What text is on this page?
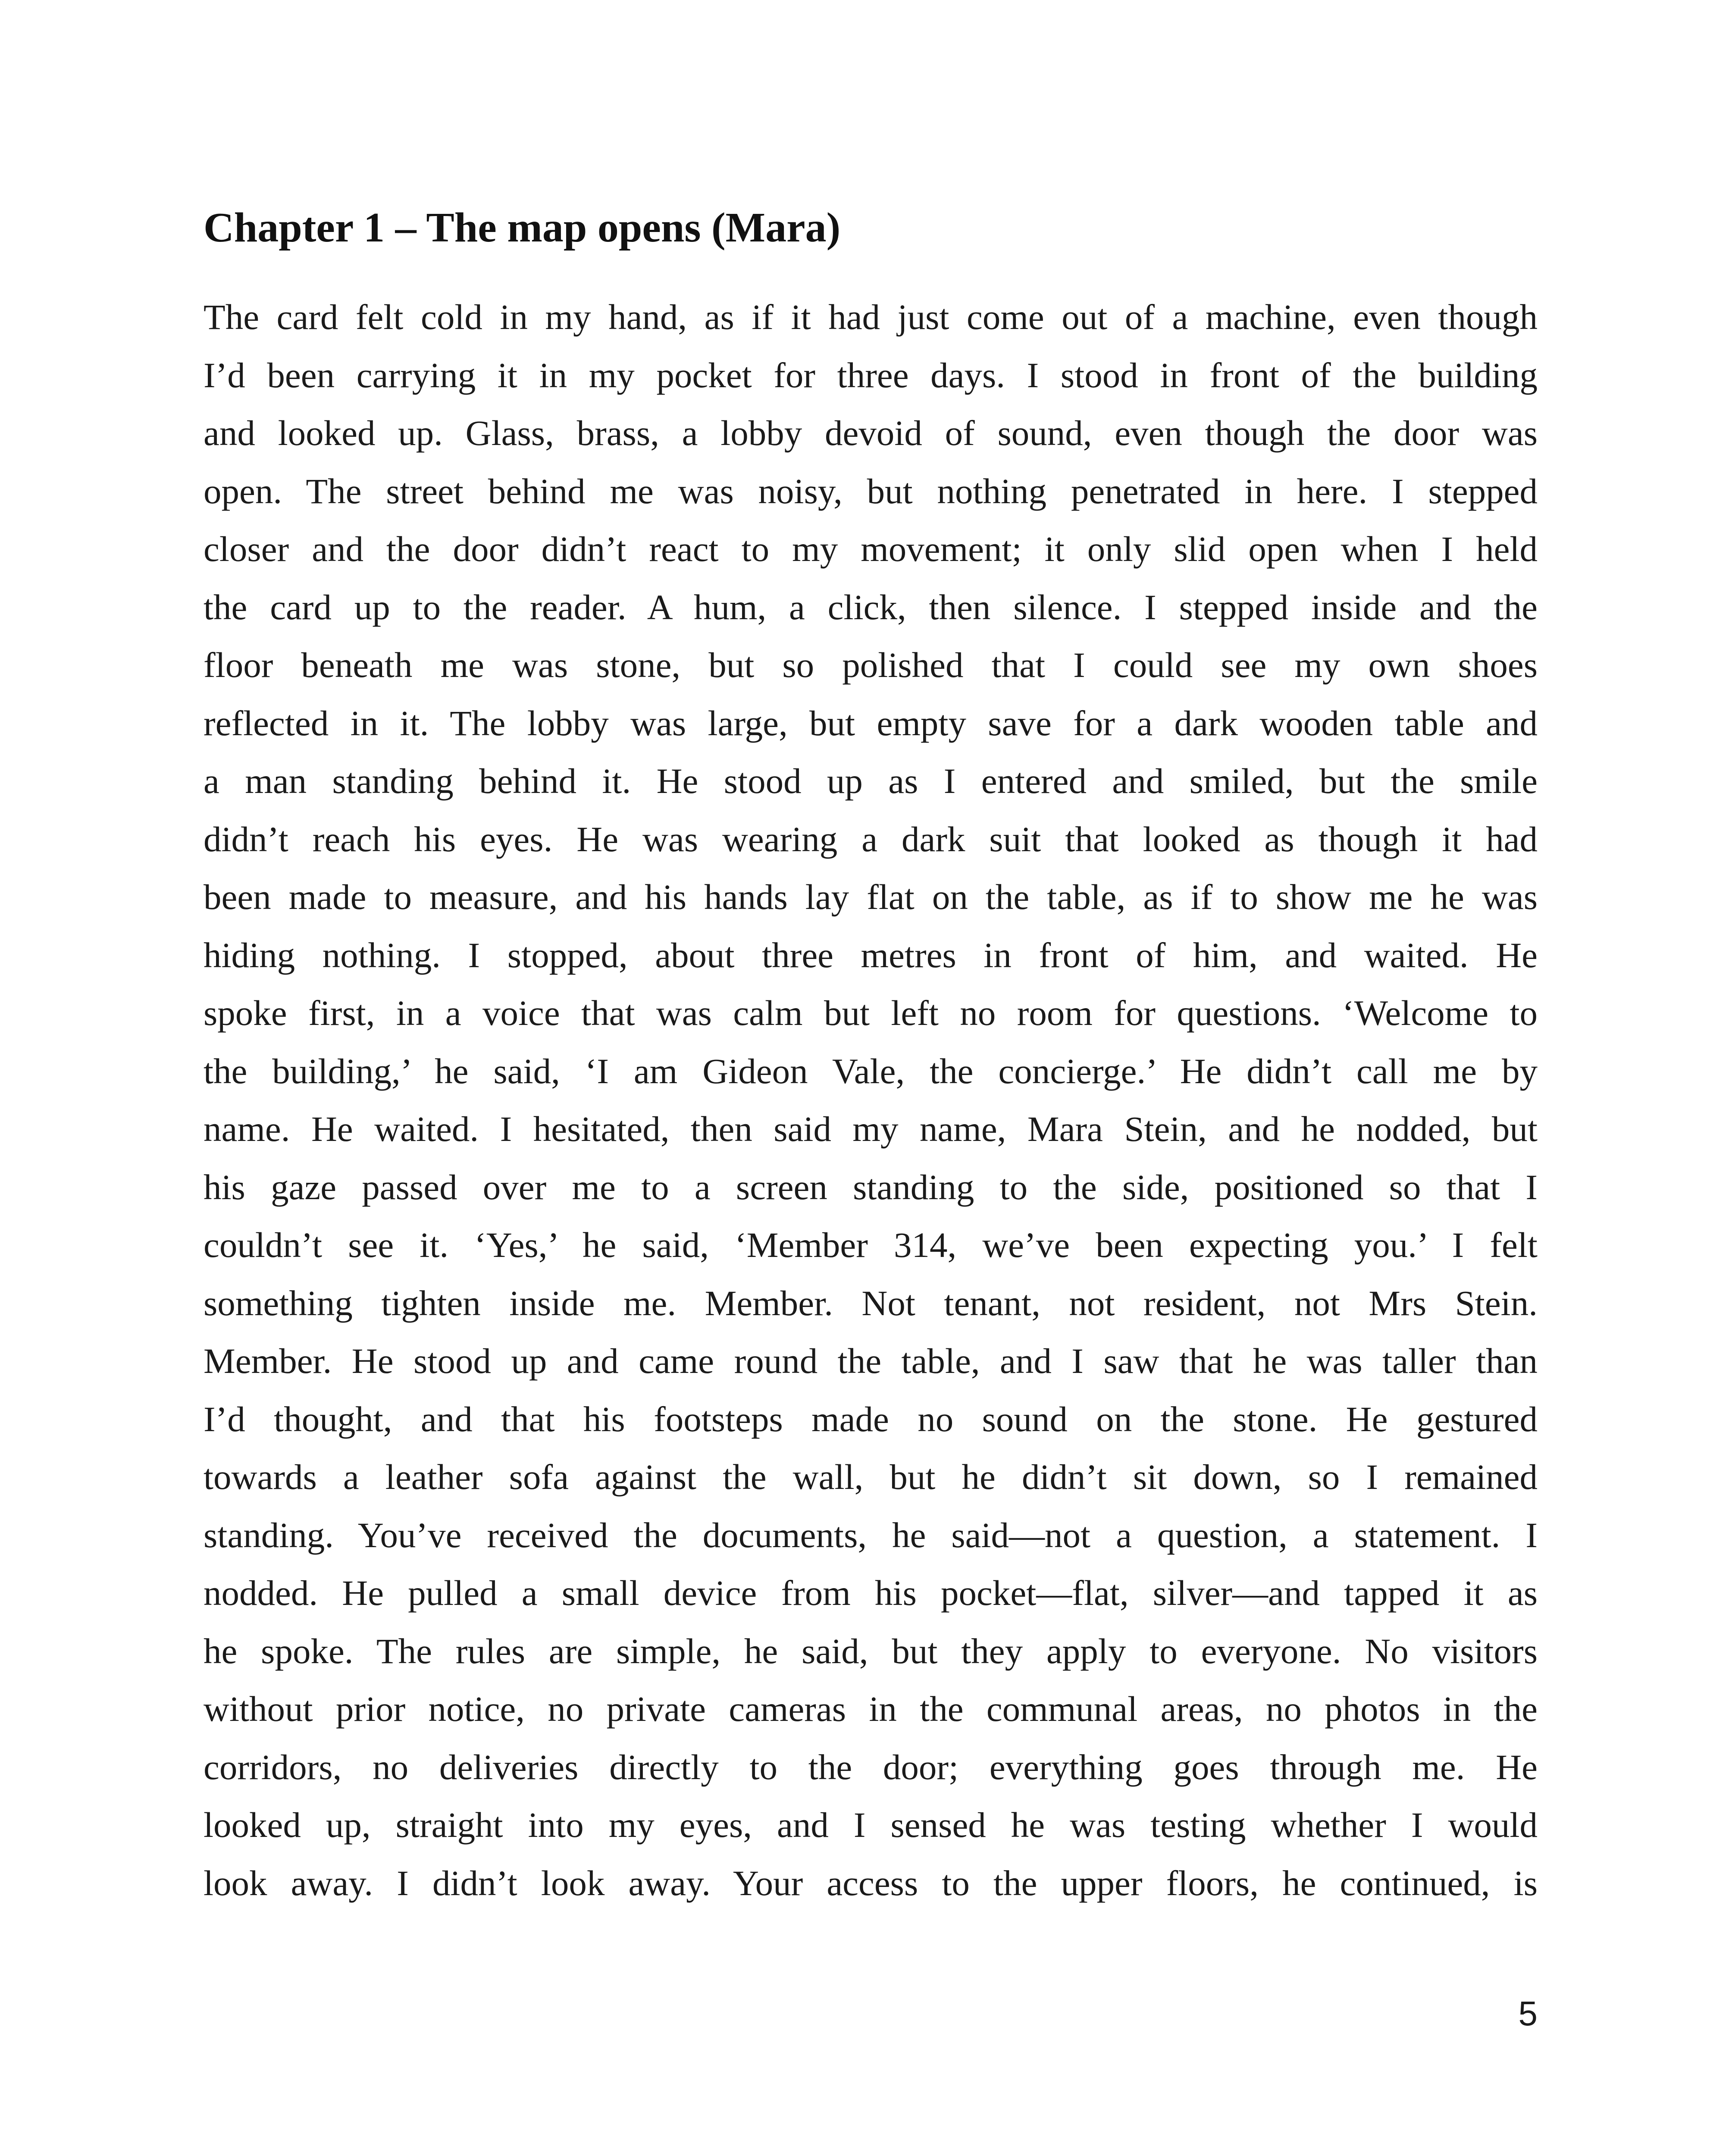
Chapter 1 – The map opens (Mara)
The card felt cold in my hand, as if it had just come out of a machine, even though
I’d been carrying it in my pocket for three days. I stood in front of the building
and looked up. Glass, brass, a lobby devoid of sound, even though the door was
open. The street behind me was noisy, but nothing penetrated in here. I stepped
closer and the door didn’t react to my movement; it only slid open when I held
the card up to the reader. A hum, a click, then silence. I stepped inside and the
floor beneath me was stone, but so polished that I could see my own shoes
reflected in it. The lobby was large, but empty save for a dark wooden table and
a man standing behind it. He stood up as I entered and smiled, but the smile
didn’t reach his eyes. He was wearing a dark suit that looked as though it had
been made to measure, and his hands lay flat on the table, as if to show me he was
hiding nothing. I stopped, about three metres in front of him, and waited. He
spoke first, in a voice that was calm but left no room for questions. ‘Welcome to
the building,’ he said, ‘I am Gideon Vale, the concierge.’ He didn’t call me by
name. He waited. I hesitated, then said my name, Mara Stein, and he nodded, but
his gaze passed over me to a screen standing to the side, positioned so that I
couldn’t see it. ‘Yes,’ he said, ‘Member 314, we’ve been expecting you.’ I felt
something tighten inside me. Member. Not tenant, not resident, not Mrs Stein.
Member. He stood up and came round the table, and I saw that he was taller than
I’d thought, and that his footsteps made no sound on the stone. He gestured
towards a leather sofa against the wall, but he didn’t sit down, so I remained
standing. You’ve received the documents, he said—not a question, a statement. I
nodded. He pulled a small device from his pocket—flat, silver—and tapped it as
he spoke. The rules are simple, he said, but they apply to everyone. No visitors
without prior notice, no private cameras in the communal areas, no photos in the
corridors, no deliveries directly to the door; everything goes through me. He
looked up, straight into my eyes, and I sensed he was testing whether I would
look away. I didn’t look away. Your access to the upper floors, he continued, is
5
